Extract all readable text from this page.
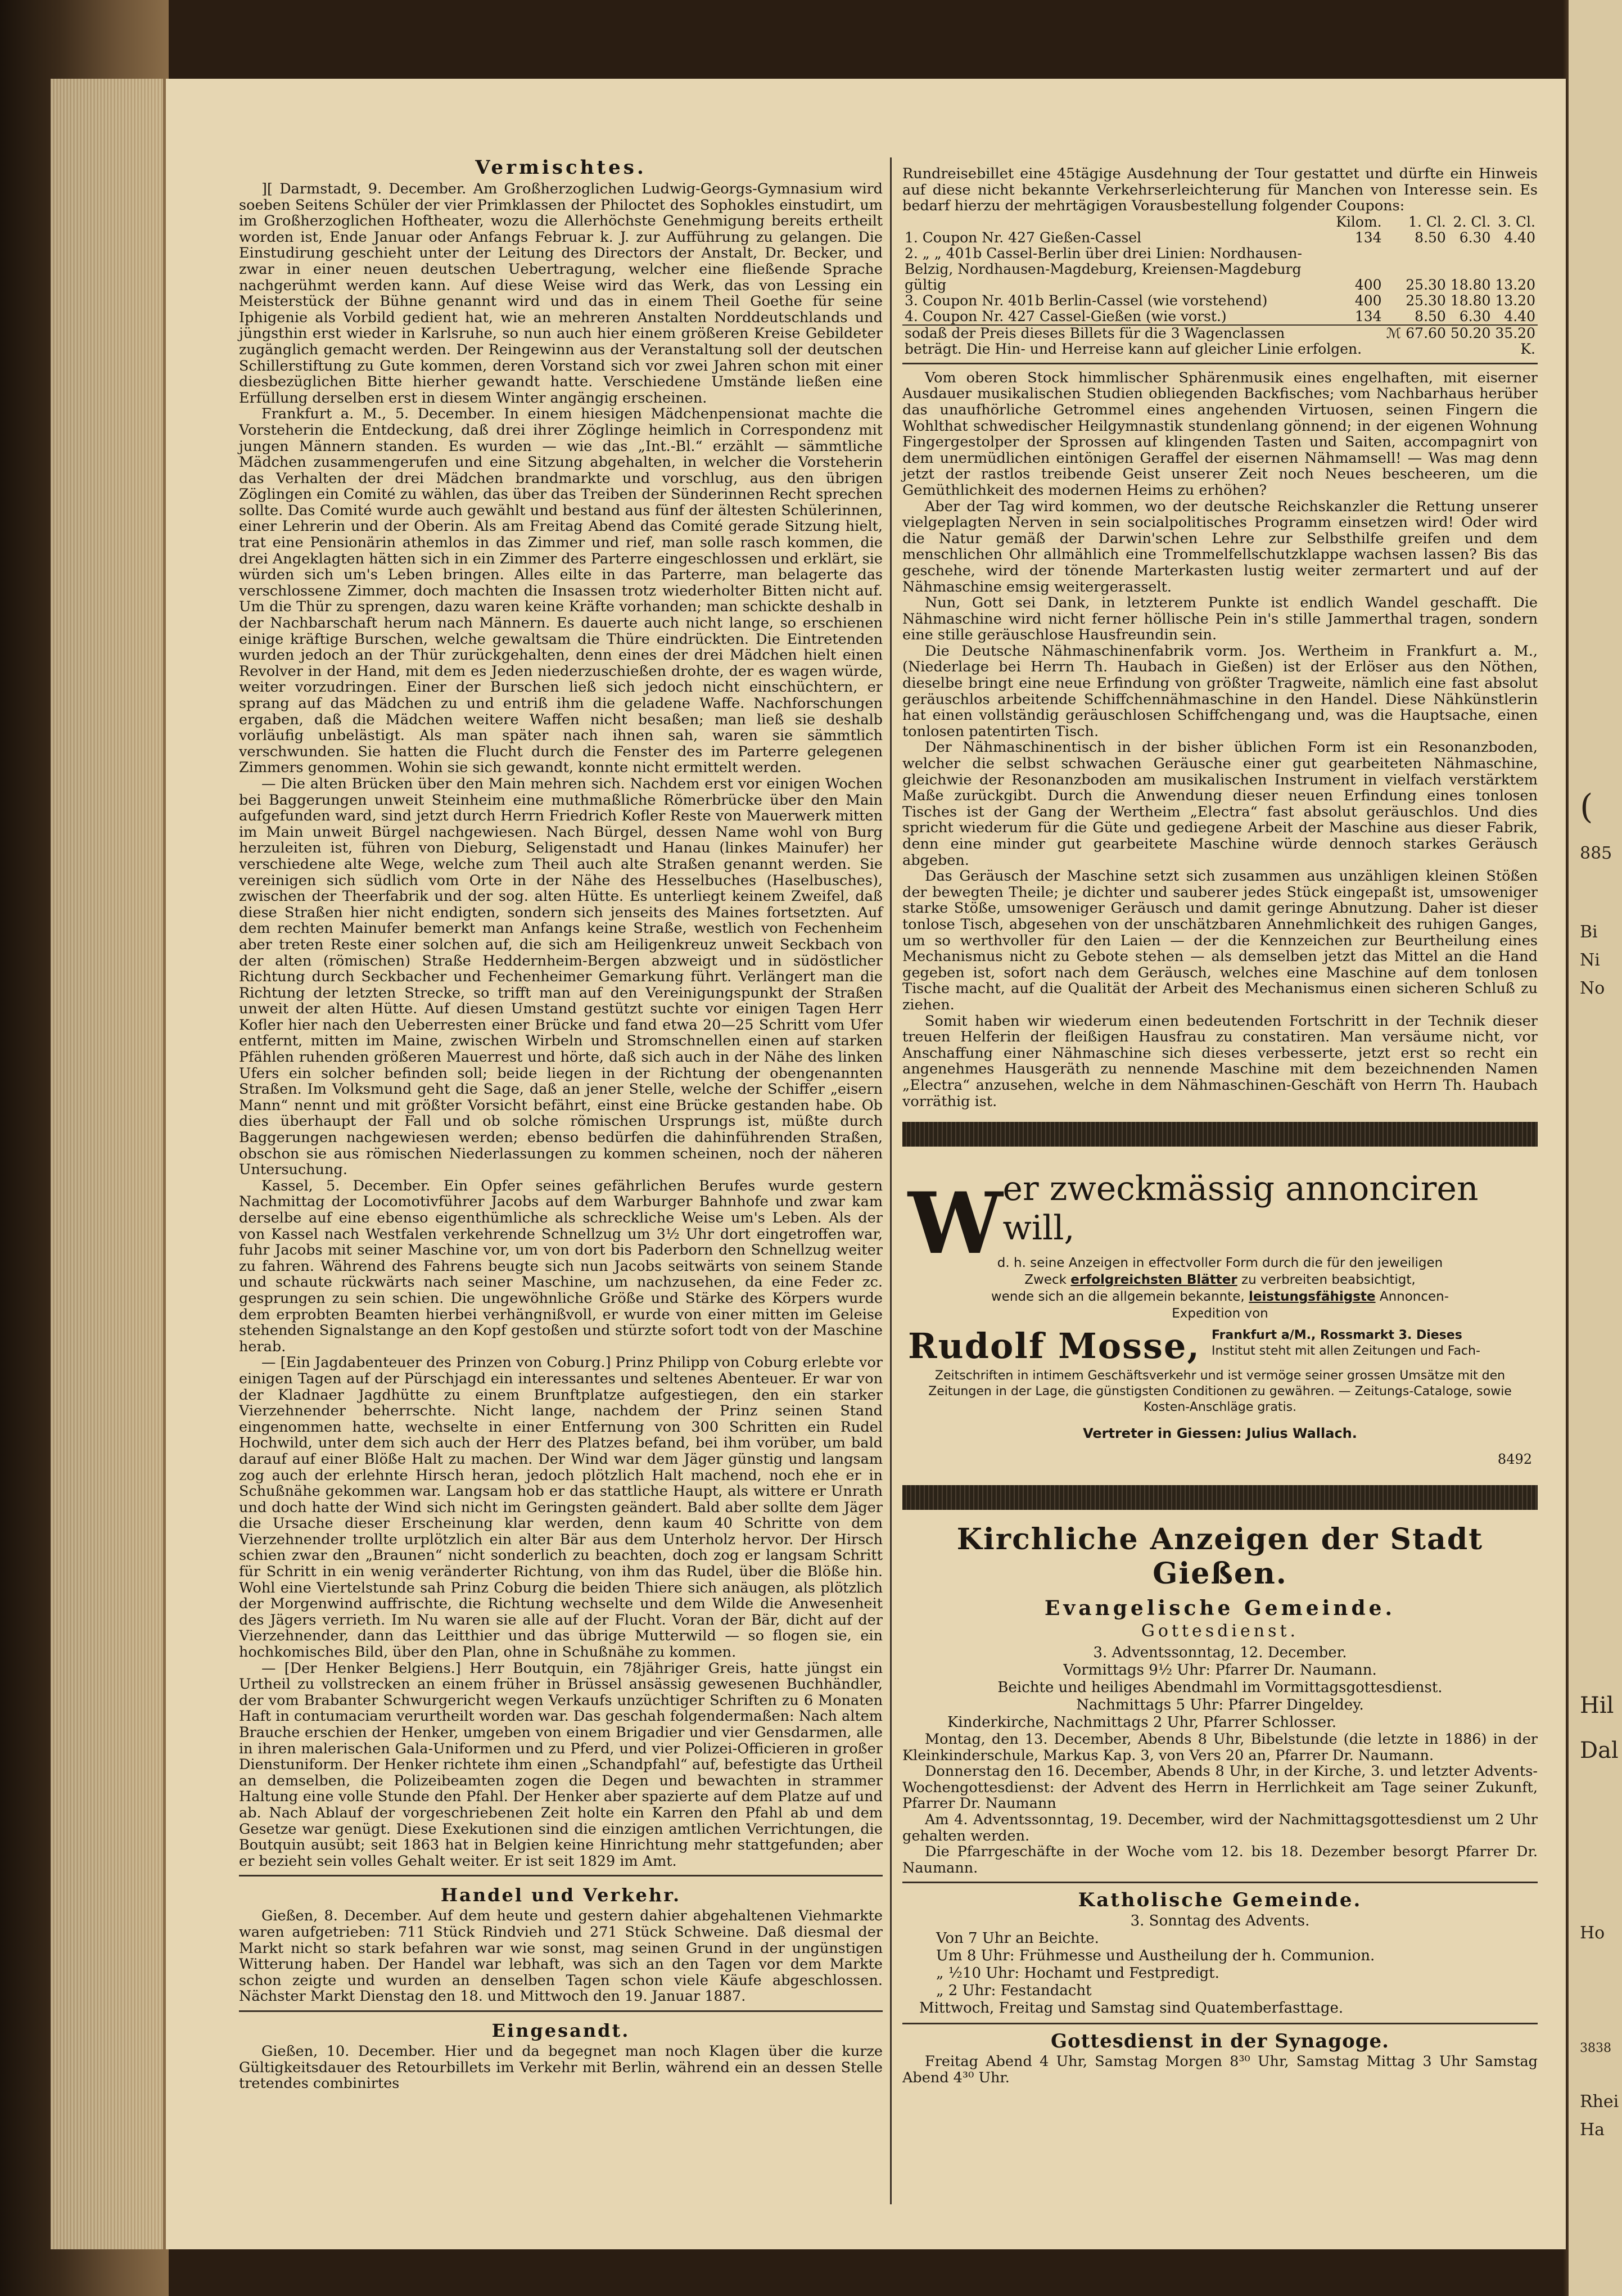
Bi
Ni
No
(
885
Hil
Dal
Ho
Rhei
Ha
3838
Vermischtes.

][ Darmstadt, 9. December. Am Großherzoglichen Ludwig-Georgs-Gymnasium wird soeben Seitens Schüler der vier Primklassen der Philoctet des Sophokles einstudirt, um im Großherzoglichen Hoftheater, wozu die Allerhöchste Genehmigung bereits ertheilt worden ist, Ende Januar oder Anfangs Februar k. J. zur Aufführung zu gelangen. Die Einstudirung geschieht unter der Leitung des Directors der Anstalt, Dr. Becker, und zwar in einer neuen deutschen Uebertragung, welcher eine fließende Sprache nachgerühmt werden kann. Auf diese Weise wird das Werk, das von Lessing ein Meisterstück der Bühne genannt wird und das in einem Theil Goethe für seine Iphigenie als Vorbild gedient hat, wie an mehreren Anstalten Norddeutschlands und jüngsthin erst wieder in Karlsruhe, so nun auch hier einem größeren Kreise Gebildeter zugänglich gemacht werden. Der Reingewinn aus der Veranstaltung soll der deutschen Schillerstiftung zu Gute kommen, deren Vorstand sich vor zwei Jahren schon mit einer diesbezüglichen Bitte hierher gewandt hatte. Verschiedene Umstände ließen eine Erfüllung derselben erst in diesem Winter angängig erscheinen.

Frankfurt a. M., 5. December. In einem hiesigen Mädchenpensionat machte die Vorsteherin die Entdeckung, daß drei ihrer Zöglinge heimlich in Correspondenz mit jungen Männern standen. Es wurden — wie das „Int.-Bl.“ erzählt — sämmtliche Mädchen zusammengerufen und eine Sitzung abgehalten, in welcher die Vorsteherin das Verhalten der drei Mädchen brandmarkte und vorschlug, aus den übrigen Zöglingen ein Comité zu wählen, das über das Treiben der Sünderinnen Recht sprechen sollte. Das Comité wurde auch gewählt und bestand aus fünf der ältesten Schülerinnen, einer Lehrerin und der Oberin. Als am Freitag Abend das Comité gerade Sitzung hielt, trat eine Pensionärin athemlos in das Zimmer und rief, man solle rasch kommen, die drei Angeklagten hätten sich in ein Zimmer des Parterre eingeschlossen und erklärt, sie würden sich um's Leben bringen. Alles eilte in das Parterre, man belagerte das verschlossene Zimmer, doch machten die Insassen trotz wiederholter Bitten nicht auf. Um die Thür zu sprengen, dazu waren keine Kräfte vorhanden; man schickte deshalb in der Nachbarschaft herum nach Männern. Es dauerte auch nicht lange, so erschienen einige kräftige Burschen, welche gewaltsam die Thüre eindrückten. Die Eintretenden wurden jedoch an der Thür zurückgehalten, denn eines der drei Mädchen hielt einen Revolver in der Hand, mit dem es Jeden niederzuschießen drohte, der es wagen würde, weiter vorzudringen. Einer der Burschen ließ sich jedoch nicht einschüchtern, er sprang auf das Mädchen zu und entriß ihm die geladene Waffe. Nachforschungen ergaben, daß die Mädchen weitere Waffen nicht besaßen; man ließ sie deshalb vorläufig unbelästigt. Als man später nach ihnen sah, waren sie sämmtlich verschwunden. Sie hatten die Flucht durch die Fenster des im Parterre gelegenen Zimmers genommen. Wohin sie sich gewandt, konnte nicht ermittelt werden.

— Die alten Brücken über den Main mehren sich. Nachdem erst vor einigen Wochen bei Baggerungen unweit Steinheim eine muthmaßliche Römerbrücke über den Main aufgefunden ward, sind jetzt durch Herrn Friedrich Kofler Reste von Mauerwerk mitten im Main unweit Bürgel nachgewiesen. Nach Bürgel, dessen Name wohl von Burg herzuleiten ist, führen von Dieburg, Seligenstadt und Hanau (linkes Mainufer) her verschiedene alte Wege, welche zum Theil auch alte Straßen genannt werden. Sie vereinigen sich südlich vom Orte in der Nähe des Hesselbuches (Haselbusches), zwischen der Theerfabrik und der sog. alten Hütte. Es unterliegt keinem Zweifel, daß diese Straßen hier nicht endigten, sondern sich jenseits des Maines fortsetzten. Auf dem rechten Mainufer bemerkt man Anfangs keine Straße, westlich von Fechenheim aber treten Reste einer solchen auf, die sich am Heiligenkreuz unweit Seckbach von der alten (römischen) Straße Heddernheim-Bergen abzweigt und in südöstlicher Richtung durch Seckbacher und Fechenheimer Gemarkung führt. Verlängert man die Richtung der letzten Strecke, so trifft man auf den Vereinigungspunkt der Straßen unweit der alten Hütte. Auf diesen Umstand gestützt suchte vor einigen Tagen Herr Kofler hier nach den Ueberresten einer Brücke und fand etwa 20—25 Schritt vom Ufer entfernt, mitten im Maine, zwischen Wirbeln und Stromschnellen einen auf starken Pfählen ruhenden größeren Mauerrest und hörte, daß sich auch in der Nähe des linken Ufers ein solcher befinden soll; beide liegen in der Richtung der obengenannten Straßen. Im Volksmund geht die Sage, daß an jener Stelle, welche der Schiffer „eisern Mann“ nennt und mit größter Vorsicht befährt, einst eine Brücke gestanden habe. Ob dies überhaupt der Fall und ob solche römischen Ursprungs ist, müßte durch Baggerungen nachgewiesen werden; ebenso bedürfen die dahinführenden Straßen, obschon sie aus römischen Niederlassungen zu kommen scheinen, noch der näheren Untersuchung.

Kassel, 5. December. Ein Opfer seines gefährlichen Berufes wurde gestern Nachmittag der Locomotivführer Jacobs auf dem Warburger Bahnhofe und zwar kam derselbe auf eine ebenso eigenthümliche als schreckliche Weise um's Leben. Als der von Kassel nach Westfalen verkehrende Schnellzug um 3½ Uhr dort eingetroffen war, fuhr Jacobs mit seiner Maschine vor, um von dort bis Paderborn den Schnellzug weiter zu fahren. Während des Fahrens beugte sich nun Jacobs seitwärts von seinem Stande und schaute rückwärts nach seiner Maschine, um nachzusehen, da eine Feder zc. gesprungen zu sein schien. Die ungewöhnliche Größe und Stärke des Körpers wurde dem erprobten Beamten hierbei verhängnißvoll, er wurde von einer mitten im Geleise stehenden Signalstange an den Kopf gestoßen und stürzte sofort todt von der Maschine herab.

— [Ein Jagdabenteuer des Prinzen von Coburg.] Prinz Philipp von Coburg erlebte vor einigen Tagen auf der Pürschjagd ein interessantes und seltenes Abenteuer. Er war von der Kladnaer Jagdhütte zu einem Brunftplatze aufgestiegen, den ein starker Vierzehnender beherrschte. Nicht lange, nachdem der Prinz seinen Stand eingenommen hatte, wechselte in einer Entfernung von 300 Schritten ein Rudel Hochwild, unter dem sich auch der Herr des Platzes befand, bei ihm vorüber, um bald darauf auf einer Blöße Halt zu machen. Der Wind war dem Jäger günstig und langsam zog auch der erlehnte Hirsch heran, jedoch plötzlich Halt machend, noch ehe er in Schußnähe gekommen war. Langsam hob er das stattliche Haupt, als wittere er Unrath und doch hatte der Wind sich nicht im Geringsten geändert. Bald aber sollte dem Jäger die Ursache dieser Erscheinung klar werden, denn kaum 40 Schritte von dem Vierzehnender trollte urplötzlich ein alter Bär aus dem Unterholz hervor. Der Hirsch schien zwar den „Braunen“ nicht sonderlich zu beachten, doch zog er langsam Schritt für Schritt in ein wenig veränderter Richtung, von ihm das Rudel, über die Blöße hin. Wohl eine Viertelstunde sah Prinz Coburg die beiden Thiere sich anäugen, als plötzlich der Morgenwind auffrischte, die Richtung wechselte und dem Wilde die Anwesenheit des Jägers verrieth. Im Nu waren sie alle auf der Flucht. Voran der Bär, dicht auf der Vierzehnender, dann das Leitthier und das übrige Mutterwild — so flogen sie, ein hochkomisches Bild, über den Plan, ohne in Schußnähe zu kommen.

— [Der Henker Belgiens.] Herr Boutquin, ein 78jähriger Greis, hatte jüngst ein Urtheil zu vollstrecken an einem früher in Brüssel ansässig gewesenen Buchhändler, der vom Brabanter Schwurgericht wegen Verkaufs unzüchtiger Schriften zu 6 Monaten Haft in contumaciam verurtheilt worden war. Das geschah folgendermaßen: Nach altem Brauche erschien der Henker, umgeben von einem Brigadier und vier Gensdarmen, alle in ihren malerischen Gala-Uniformen und zu Pferd, und vier Polizei-Officieren in großer Dienstuniform. Der Henker richtete ihm einen „Schandpfahl“ auf, befestigte das Urtheil an demselben, die Polizeibeamten zogen die Degen und bewachten in strammer Haltung eine volle Stunde den Pfahl. Der Henker aber spazierte auf dem Platze auf und ab. Nach Ablauf der vorgeschriebenen Zeit holte ein Karren den Pfahl ab und dem Gesetze war genügt. Diese Exekutionen sind die einzigen amtlichen Verrichtungen, die Boutquin ausübt; seit 1863 hat in Belgien keine Hinrichtung mehr stattgefunden; aber er bezieht sein volles Gehalt weiter. Er ist seit 1829 im Amt.

Handel und Verkehr.

Gießen, 8. December. Auf dem heute und gestern dahier abgehaltenen Viehmarkte waren aufgetrieben: 711 Stück Rindvieh und 271 Stück Schweine. Daß diesmal der Markt nicht so stark befahren war wie sonst, mag seinen Grund in der ungünstigen Witterung haben. Der Handel war lebhaft, was sich an den Tagen vor dem Markte schon zeigte und wurden an denselben Tagen schon viele Käufe abgeschlossen. Nächster Markt Dienstag den 18. und Mittwoch den 19. Januar 1887.

Eingesandt.

Gießen, 10. December. Hier und da begegnet man noch Klagen über die kurze Gültigkeitsdauer des Retourbillets im Verkehr mit Berlin, während ein an dessen Stelle tretendes combinirtes

Rundreisebillet eine 45tägige Ausdehnung der Tour gestattet und dürfte ein Hinweis auf diese nicht bekannte Verkehrserleichterung für Manchen von Interesse sein. Es bedarf hierzu der mehrtägigen Vorausbestellung folgender Coupons:

	Kilom.	1. Cl.	2. Cl.	3. Cl.
1. Coupon Nr. 427 Gießen-Cassel	134	8.50	6.30	4.40
2. „ „ 401b Cassel-Berlin über drei Linien: Nordhausen-Belzig, Nordhausen-Magdeburg, Kreiensen-Magdeburg gültig	400	25.30	18.80	13.20
3. Coupon Nr. 401b Berlin-Cassel (wie vorstehend)	400	25.30	18.80	13.20
4. Coupon Nr. 427 Cassel-Gießen (wie vorst.)	134	8.50	6.30	4.40
sodaß der Preis dieses Billets für die 3 Wagenclassen		ℳ 67.60	50.20	35.20
beträgt. Die Hin- und Herreise kann auf gleicher Linie erfolgen.				K.

Vom oberen Stock himmlischer Sphärenmusik eines engelhaften, mit eiserner Ausdauer musikalischen Studien obliegenden Backfisches; vom Nachbarhaus herüber das unaufhörliche Getrommel eines angehenden Virtuosen, seinen Fingern die Wohlthat schwedischer Heilgymnastik stundenlang gönnend; in der eigenen Wohnung Fingergestolper der Sprossen auf klingenden Tasten und Saiten, accompagnirt von dem unermüdlichen eintönigen Geraffel der eisernen Nähmamsell! — Was mag denn jetzt der rastlos treibende Geist unserer Zeit noch Neues bescheeren, um die Gemüthlichkeit des modernen Heims zu erhöhen?

Aber der Tag wird kommen, wo der deutsche Reichskanzler die Rettung unserer vielgeplagten Nerven in sein socialpolitisches Programm einsetzen wird! Oder wird die Natur gemäß der Darwin'schen Lehre zur Selbsthilfe greifen und dem menschlichen Ohr allmählich eine Trommelfellschutzklappe wachsen lassen? Bis das geschehe, wird der tönende Marterkasten lustig weiter zermartert und auf der Nähmaschine emsig weitergerasselt.

Nun, Gott sei Dank, in letzterem Punkte ist endlich Wandel geschafft. Die Nähmaschine wird nicht ferner höllische Pein in's stille Jammerthal tragen, sondern eine stille geräuschlose Hausfreundin sein.

Die Deutsche Nähmaschinenfabrik vorm. Jos. Wertheim in Frankfurt a. M., (Niederlage bei Herrn Th. Haubach in Gießen) ist der Erlöser aus den Nöthen, dieselbe bringt eine neue Erfindung von größter Tragweite, nämlich eine fast absolut geräuschlos arbeitende Schiffchennähmaschine in den Handel. Diese Nähkünstlerin hat einen vollständig geräuschlosen Schiffchengang und, was die Hauptsache, einen tonlosen patentirten Tisch.

Der Nähmaschinentisch in der bisher üblichen Form ist ein Resonanzboden, welcher die selbst schwachen Geräusche einer gut gearbeiteten Nähmaschine, gleichwie der Resonanzboden am musikalischen Instrument in vielfach verstärktem Maße zurückgibt. Durch die Anwendung dieser neuen Erfindung eines tonlosen Tisches ist der Gang der Wertheim „Electra“ fast absolut geräuschlos. Und dies spricht wiederum für die Güte und gediegene Arbeit der Maschine aus dieser Fabrik, denn eine minder gut gearbeitete Maschine würde dennoch starkes Geräusch abgeben.

Das Geräusch der Maschine setzt sich zusammen aus unzähligen kleinen Stößen der bewegten Theile; je dichter und sauberer jedes Stück eingepaßt ist, umsoweniger starke Stöße, umsoweniger Geräusch und damit geringe Abnutzung. Daher ist dieser tonlose Tisch, abgesehen von der unschätzbaren Annehmlichkeit des ruhigen Ganges, um so werthvoller für den Laien — der die Kennzeichen zur Beurtheilung eines Mechanismus nicht zu Gebote stehen — als demselben jetzt das Mittel an die Hand gegeben ist, sofort nach dem Geräusch, welches eine Maschine auf dem tonlosen Tische macht, auf die Qualität der Arbeit des Mechanismus einen sicheren Schluß zu ziehen.

Somit haben wir wiederum einen bedeutenden Fortschritt in der Technik dieser treuen Helferin der fleißigen Hausfrau zu constatiren. Man versäume nicht, vor Anschaffung einer Nähmaschine sich dieses verbesserte, jetzt erst so recht ein angenehmes Hausgeräth zu nennende Maschine mit dem bezeichnenden Namen „Electra“ anzusehen, welche in dem Nähmaschinen-Geschäft von Herrn Th. Haubach vorräthig ist.

W er zweckmässig annonciren will,
d. h. seine Anzeigen in effectvoller Form durch die für den jeweiligen
Zweck erfolgreichsten Blätter zu verbreiten beabsichtigt,
wende sich an die allgemein bekannte, leistungsfähigste Annoncen-
Expedition von
Rudolf Mosse, Frankfurt a/M., Rossmarkt 3. Dieses
Institut steht mit allen Zeitungen und Fach-
Zeitschriften in intimem Geschäftsverkehr und ist vermöge seiner grossen Umsätze mit den Zeitungen in der Lage, die günstigsten Conditionen zu gewähren. — Zeitungs-Cataloge, sowie Kosten-Anschläge gratis.
Vertreter in Giessen: Julius Wallach.
8492
Kirchliche Anzeigen der Stadt Gießen.
Evangelische Gemeinde.
Gottesdienst.
3. Adventssonntag, 12. December.
Vormittags 9½ Uhr: Pfarrer Dr. Naumann.
Beichte und heiliges Abendmahl im Vormittagsgottesdienst.
Nachmittags 5 Uhr: Pfarrer Dingeldey.
Kinderkirche, Nachmittags 2 Uhr, Pfarrer Schlosser.

Montag, den 13. December, Abends 8 Uhr, Bibelstunde (die letzte in 1886) in der Kleinkinderschule, Markus Kap. 3, von Vers 20 an, Pfarrer Dr. Naumann.

Donnerstag den 16. December, Abends 8 Uhr, in der Kirche, 3. und letzter Advents-Wochengottesdienst: der Advent des Herrn in Herrlichkeit am Tage seiner Zukunft, Pfarrer Dr. Naumann

Am 4. Adventssonntag, 19. December, wird der Nachmittagsgottesdienst um 2 Uhr gehalten werden.

Die Pfarrgeschäfte in der Woche vom 12. bis 18. Dezember besorgt Pfarrer Dr. Naumann.

Katholische Gemeinde.
3. Sonntag des Advents.
Von 7 Uhr an Beichte.
Um 8 Uhr: Frühmesse und Austheilung der h. Communion.
„ ½10 Uhr: Hochamt und Festpredigt.
„ 2 Uhr: Festandacht
Mittwoch, Freitag und Samstag sind Quatemberfasttage.
Gottesdienst in der Synagoge.

Freitag Abend 4 Uhr, Samstag Morgen 8³⁰ Uhr, Samstag Mittag 3 Uhr Samstag Abend 4³⁰ Uhr.
